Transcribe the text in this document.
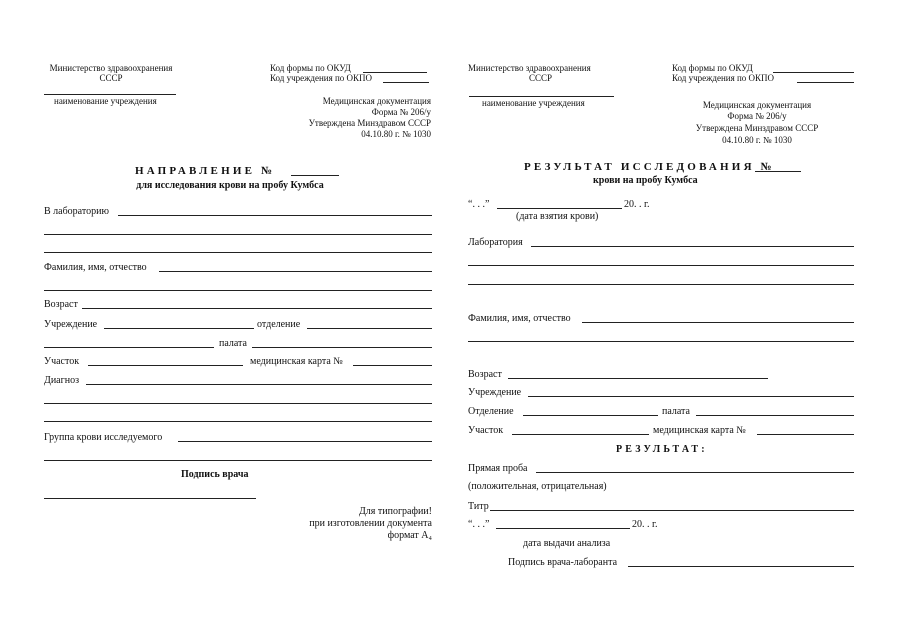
Министерство здравоохранения
СССР
наименование учреждения
Код формы по ОКУД
Код учреждения по ОКПО
Медицинская документация
Форма № 206/у
Утверждена Минздравом СССР
04.10.80 г. № 1030
НАПРАВЛЕНИЕ №
для исследования крови на пробу Кумбса
В лабораторию
Фамилия, имя, отчество
Возраст
Учреждение	отделение
палата
Участок	медицинская карта №
Диагноз
Группа крови исследуемого
Подпись врача
Для типографии!
при изготовлении документа
формат А₄
Министерство здравоохранения
СССР
наименование учреждения
Код формы по ОКУД
Код учреждения по ОКПО
Медицинская документация
Форма № 206/у
Утверждена Минздравом СССР
04.10.80 г. № 1030
РЕЗУЛЬТАТ ИССЛЕДОВАНИЯ №
крови на пробу Кумбса
“. . .”	20. . г.
(дата взятия крови)
Лаборатория
Фамилия, имя, отчество
Возраст
Учреждение
Отделение	палата
Участок	медицинская карта №
РЕЗУЛЬТАТ:
Прямая проба
(положительная, отрицательная)
Титр
“. . .”	20. . г.
дата выдачи анализа
Подпись врача-лаборанта
